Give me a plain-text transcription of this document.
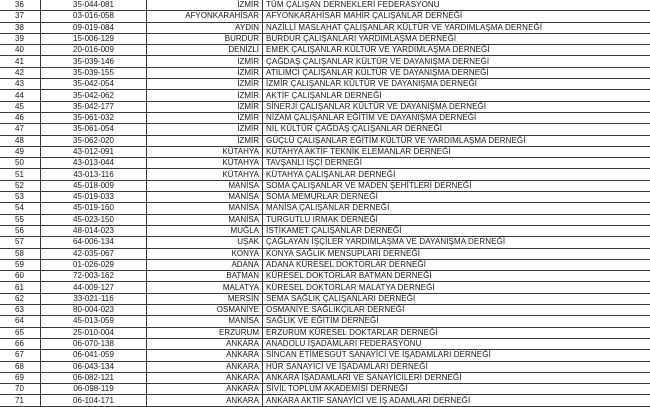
36	35-044-081	İZMİR	TÜM ÇALIŞAN DERNEKLERİ FEDERASYONU
37	03-016-058	AFYONKARAHİSAR	AFYONKARAHİSAR MAHİR ÇALIŞANLAR DERNEĞİ
38	09-019-084	AYDIN	NAZİLLİ MASLAHAT ÇALIŞANLAR KÜLTÜR VE YARDIMLAŞMA DERNEĞİ
39	15-006-129	BURDUR	BURDUR ÇALIŞANLARI YARDIMLAŞMA DERNEĞİ
40	20-016-009	DENİZLİ	EMEK ÇALIŞANLAR KÜLTÜR VE YARDIMLAŞMA DERNEĞİ
41	35-039-146	İZMİR	ÇAĞDAŞ ÇALIŞANLAR KÜLTÜR VE DAYANIŞMA DERNEĞİ
42	35-039-155	İZMİR	ATILIMCI ÇALIŞANLAR KÜLTÜR VE DAYANIŞMA DERNEĞİ
43	35-042-054	İZMİR	İZMİR ÇALIŞANLAR KÜLTÜR VE DAYANIŞMA DERNEĞİ
44	35-042-062	İZMİR	AKTİF ÇALIŞANLAR DERNEĞİ
45	35-042-177	İZMİR	SİNERJİ ÇALIŞANLAR KÜLTÜR VE DAYANIŞMA DERNEĞİ
46	35-061-032	İZMİR	NİZAM ÇALIŞANLAR EĞİTİM VE DAYANIŞMA DERNEĞİ
47	35-061-054	İZMİR	NİL KÜLTÜR ÇAĞDAŞ ÇALIŞANLAR DERNEĞİ
48	35-062-020	İZMİR	GÜÇLÜ ÇALIŞANLAR EĞİTİM KÜLTÜR VE YARDIMLAŞMA DERNEĞİ
49	43-012-091	KÜTAHYA	KÜTAHYA AKTİF TEKNİK ELEMANLAR DERNEĞİ
50	43-013-044	KÜTAHYA	TAVŞANLI İŞÇİ DERNEĞİ
51	43-013-116	KÜTAHYA	KÜTAHYA ÇALIŞANLAR DERNEĞİ
52	45-018-009	MANİSA	SOMA ÇALIŞANLAR VE MADEN ŞEHİTLERİ DERNEĞİ
53	45-019-033	MANİSA	SOMA MEMURLAR DERNEĞİ
54	45-019-160	MANİSA	MANİSA ÇALIŞANLAR DERNEĞİ
55	45-023-150	MANİSA	TURGUTLU IRMAK DERNEĞİ
56	48-014-023	MUĞLA	İSTİKAMET ÇALIŞANLAR DERNEĞİ
57	64-006-134	UŞAK	ÇAĞLAYAN İŞÇİLER YARDIMLAŞMA VE DAYANIŞMA DERNEĞİ
58	42-035-067	KONYA	KONYA SAĞLIK MENSUPLARI DERNEĞİ
59	01-026-029	ADANA	ADANA KÜRESEL DOKTORLAR DERNEĞİ
60	72-003-162	BATMAN	KÜRESEL DOKTORLAR BATMAN DERNEĞİ
61	44-009-127	MALATYA	KÜRESEL DOKTORLAR MALATYA DERNEĞİ
62	33-021-116	MERSİN	SEMA SAĞLIK ÇALIŞANLARI DERNEĞİ
63	80-004-023	OSMANİYE	OSMANİYE SAĞLIKÇILAR DERNEĞİ
64	45-013-059	MANİSA	SAĞLIK VE EĞİTİM DERNEĞİ
65	25-010-004	ERZURUM	ERZURUM KÜRESEL DOKTARLAR DERNEĞİ
66	06-070-138	ANKARA	ANADOLU İŞADAMLARI FEDERASYONU
67	06-041-059	ANKARA	SİNCAN ETİMESGUT SANAYİCİ VE İŞADAMLARI DERNEĞİ
68	06-043-134	ANKARA	HÜR SANAYİCİ VE İŞADAMLARI DERNEĞİ
69	06-082-121	ANKARA	ANKARA İŞADAMLARI VE SANAYİCİLERİ DERNEĞİ
70	06-098-119	ANKARA	SİVİL TOPLUM AKADEMİSİ DERNEĞİ
71	06-104-171	ANKARA	ANKARA AKTİF SANAYİCİ VE İŞ ADAMLARI DERNEĞİ
